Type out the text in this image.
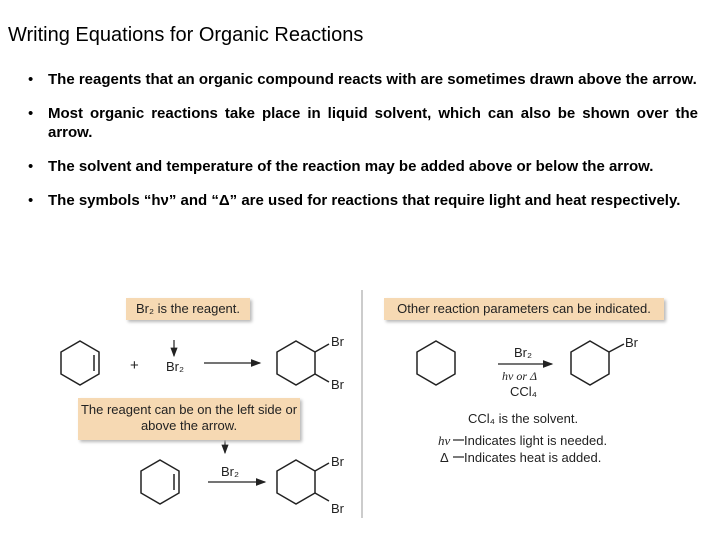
Writing Equations for Organic Reactions
• The reagents that an organic compound reacts with are sometimes drawn above the arrow.
• Most organic reactions take place in liquid solvent, which can also be shown over the arrow.
• The solvent and temperature of the reaction may be added above or below the arrow.
• The symbols “hν” and “Δ” are used for reactions that require light and heat respectively.
+ Br₂
Br
Br
Br₂
Br
Br
Br₂
hν or Δ
CCl₄
Br
CCl₄ is the solvent.
hν Indicates light is needed.
Δ Indicates heat is added.
Br₂ is the reagent.
The reagent can be on the left side or above the arrow.
Other reaction parameters can be indicated.
